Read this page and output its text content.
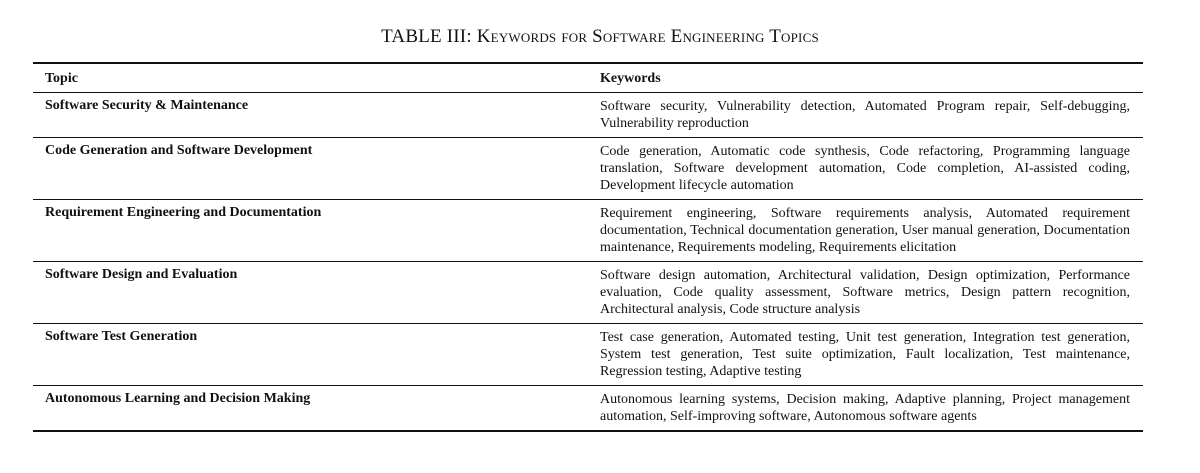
TABLE III: Keywords for Software Engineering Topics
Topic	Keywords
Software Security & Maintenance	Software security, Vulnerability detection, Automated Program repair, Self-debugging, Vulnerability reproduction
Code Generation and Software Development	Code generation, Automatic code synthesis, Code refactoring, Programming language translation, Software development automation, Code completion, AI-assisted coding, Development lifecycle automation
Requirement Engineering and Documentation	Requirement engineering, Software requirements analysis, Automated requirement documentation, Technical documentation generation, User manual generation, Documentation maintenance, Requirements modeling, Requirements elicitation
Software Design and Evaluation	Software design automation, Architectural validation, Design optimization, Performance evaluation, Code quality assessment, Software metrics, Design pattern recognition, Architectural analysis, Code structure analysis
Software Test Generation	Test case generation, Automated testing, Unit test generation, Integration test generation, System test generation, Test suite optimization, Fault localization, Test maintenance, Regression testing, Adaptive testing
Autonomous Learning and Decision Making	Autonomous learning systems, Decision making, Adaptive planning, Project management automation, Self-improving software, Autonomous software agents
